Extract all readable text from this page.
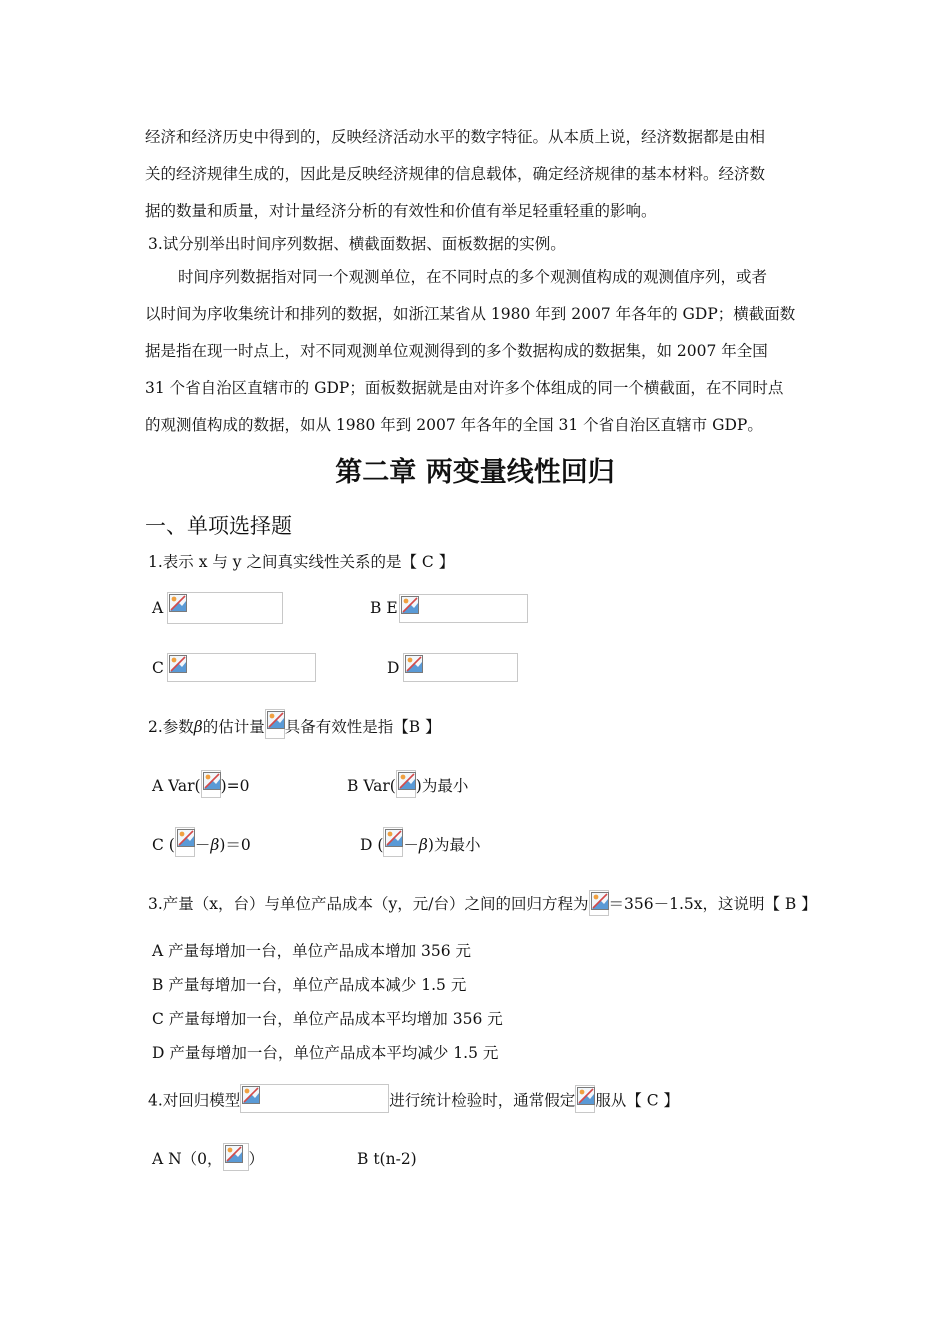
经济和经济历史中得到的，反映经济活动水平的数字特征。从本质上说，经济数据都是由相
关的经济规律生成的，因此是反映经济规律的信息载体，确定经济规律的基本材料。经济数
据的数量和质量，对计量经济分析的有效性和价值有举足轻重轻重的影响。
3.试分别举出时间序列数据、横截面数据、面板数据的实例。
时间序列数据指对同一个观测单位，在不同时点的多个观测值构成的观测值序列，或者
以时间为序收集统计和排列的数据，如浙江某省从 1980 年到 2007 年各年的 GDP；横截面数
据是指在现一时点上，对不同观测单位观测得到的多个数据构成的数据集，如 2007 年全国
31 个省自治区直辖市的 GDP；面板数据就是由对许多个体组成的同一个横截面，在不同时点
的观测值构成的数据，如从 1980 年到 2007 年各年的全国 31 个省自治区直辖市 GDP。
第二章 两变量线性回归
一、单项选择题
1.表示 x 与 y 之间真实线性关系的是【 C 】
A	B E
C	D
2.参数β的估计量 具备有效性是指【B 】
A Var( )=0	B Var( )为最小
C ( －β)＝0	D ( －β)为最小
3.产量（x，台）与单位产品成本（y，元/台）之间的回归方程为 ＝356－1.5x，这说明【 B 】
A 产量每增加一台，单位产品成本增加 356 元
B 产量每增加一台，单位产品成本减少 1.5 元
C 产量每增加一台，单位产品成本平均增加 356 元
D 产量每增加一台，单位产品成本平均减少 1.5 元
4.对回归模型	进行统计检验时，通常假定 服从【 C 】
A N（0， ）	B t(n-2)
